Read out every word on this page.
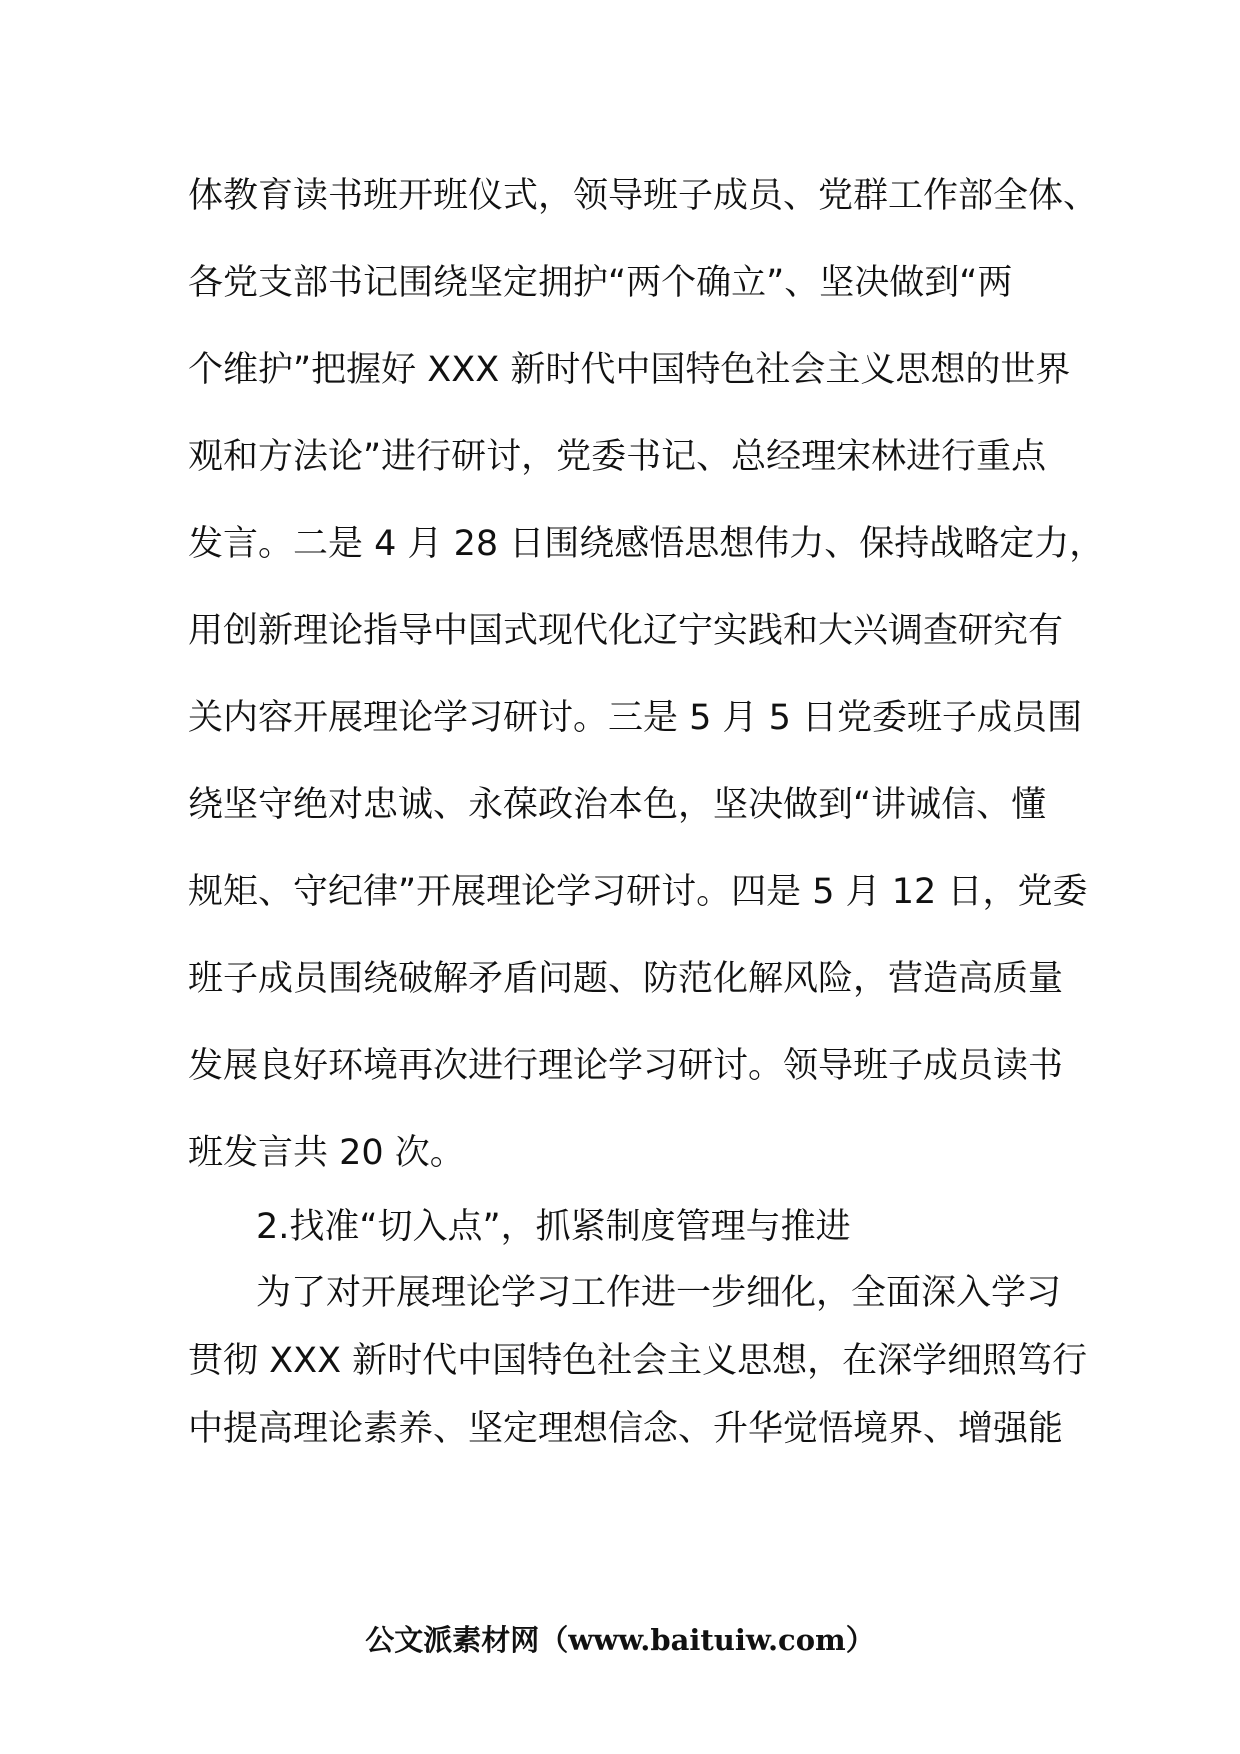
体教育读书班开班仪式，领导班子成员、党群工作部全体、
各党支部书记围绕坚定拥护“两个确立”、坚决做到“两
个维护”把握好 XXX 新时代中国特色社会主义思想的世界
观和方法论”进行研讨，党委书记、总经理宋林进行重点
发言。二是 4 月 28 日围绕感悟思想伟力、保持战略定力，
用创新理论指导中国式现代化辽宁实践和大兴调查研究有
关内容开展理论学习研讨。三是 5 月 5 日党委班子成员围
绕坚守绝对忠诚、永葆政治本色，坚决做到“讲诚信、懂
规矩、守纪律”开展理论学习研讨。四是 5 月 12 日，党委
班子成员围绕破解矛盾问题、防范化解风险，营造高质量
发展良好环境再次进行理论学习研讨。领导班子成员读书
班发言共 20 次。
2.找准“切入点”，抓紧制度管理与推进
为了对开展理论学习工作进一步细化，全面深入学习
贯彻 XXX 新时代中国特色社会主义思想，在深学细照笃行
中提高理论素养、坚定理想信念、升华觉悟境界、增强能
公文派素材网（www.baituiw.com）
